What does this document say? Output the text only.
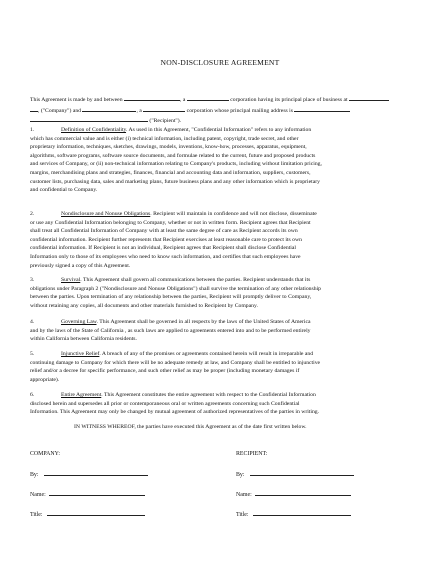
NON-DISCLOSURE AGREEMENT
This Agreement is made by and between	, a	corporation having its principal place of business at
, ("Company") and	, a	corporation whose principal mailing address is
("Recipient").
1.	Definition of Confidentiality. As used in this Agreement, "Confidential Information" refers to any information
which has commercial value and is either (i) technical information, including patent, copyright, trade secret, and other
proprietary information, techniques, sketches, drawings, models, inventions, know-how, processes, apparatus, equipment,
algorithms, software programs, software source documents, and formulae related to the current, future and proposed products
and services of Company, or (ii) non-technical information relating to Company's products, including without limitation pricing,
margins, merchandising plans and strategies, finances, financial and accounting data and information, suppliers, customers,
customer lists, purchasing data, sales and marketing plans, future business plans and any other information which is proprietary
and confidential to Company.
2.	Nondisclosure and Nonuse Obligations. Recipient will maintain in confidence and will not disclose, disseminate
or use any Confidential Information belonging to Company, whether or not in written form. Recipient agrees that Recipient
shall treat all Confidential Information of Company with at least the same degree of care as Recipient accords its own
confidential information. Recipient further represents that Recipient exercises at least reasonable care to protect its own
confidential information. If Recipient is not an individual, Recipient agrees that Recipient shall disclose Confidential
Information only to those of its employees who need to know such information, and certifies that such employees have
previously signed a copy of this Agreement.
3.	Survival. This Agreement shall govern all communications between the parties. Recipient understands that its
obligations under Paragraph 2 ("Nondisclosure and Nonuse Obligations") shall survive the termination of any other relationship
between the parties. Upon termination of any relationship between the parties, Recipient will promptly deliver to Company,
without retaining any copies, all documents and other materials furnished to Recipient by Company.
4.	Governing Law. This Agreement shall be governed in all respects by the laws of the United States of America
and by the laws of the State of California , as such laws are applied to agreements entered into and to be performed entirely
within California between California residents.
5.	Injunctive Relief. A breach of any of the promises or agreements contained herein will result in irreparable and
continuing damage to Company for which there will be no adequate remedy at law, and Company shall be entitled to injunctive
relief and/or a decree for specific performance, and such other relief as may be proper (including monetary damages if
appropriate).
6.	Entire Agreement. This Agreement constitutes the entire agreement with respect to the Confidential Information
disclosed herein and supersedes all prior or contemporaneous oral or written agreements concerning such Confidential
Information. This Agreement may only be changed by mutual agreement of authorized representatives of the parties in writing.
IN WITNESS WHEREOF, the parties have executed this Agreement as of the date first written below.
COMPANY:
By:
Name:
Title:
RECIPIENT:
By:
Name:
Title:
